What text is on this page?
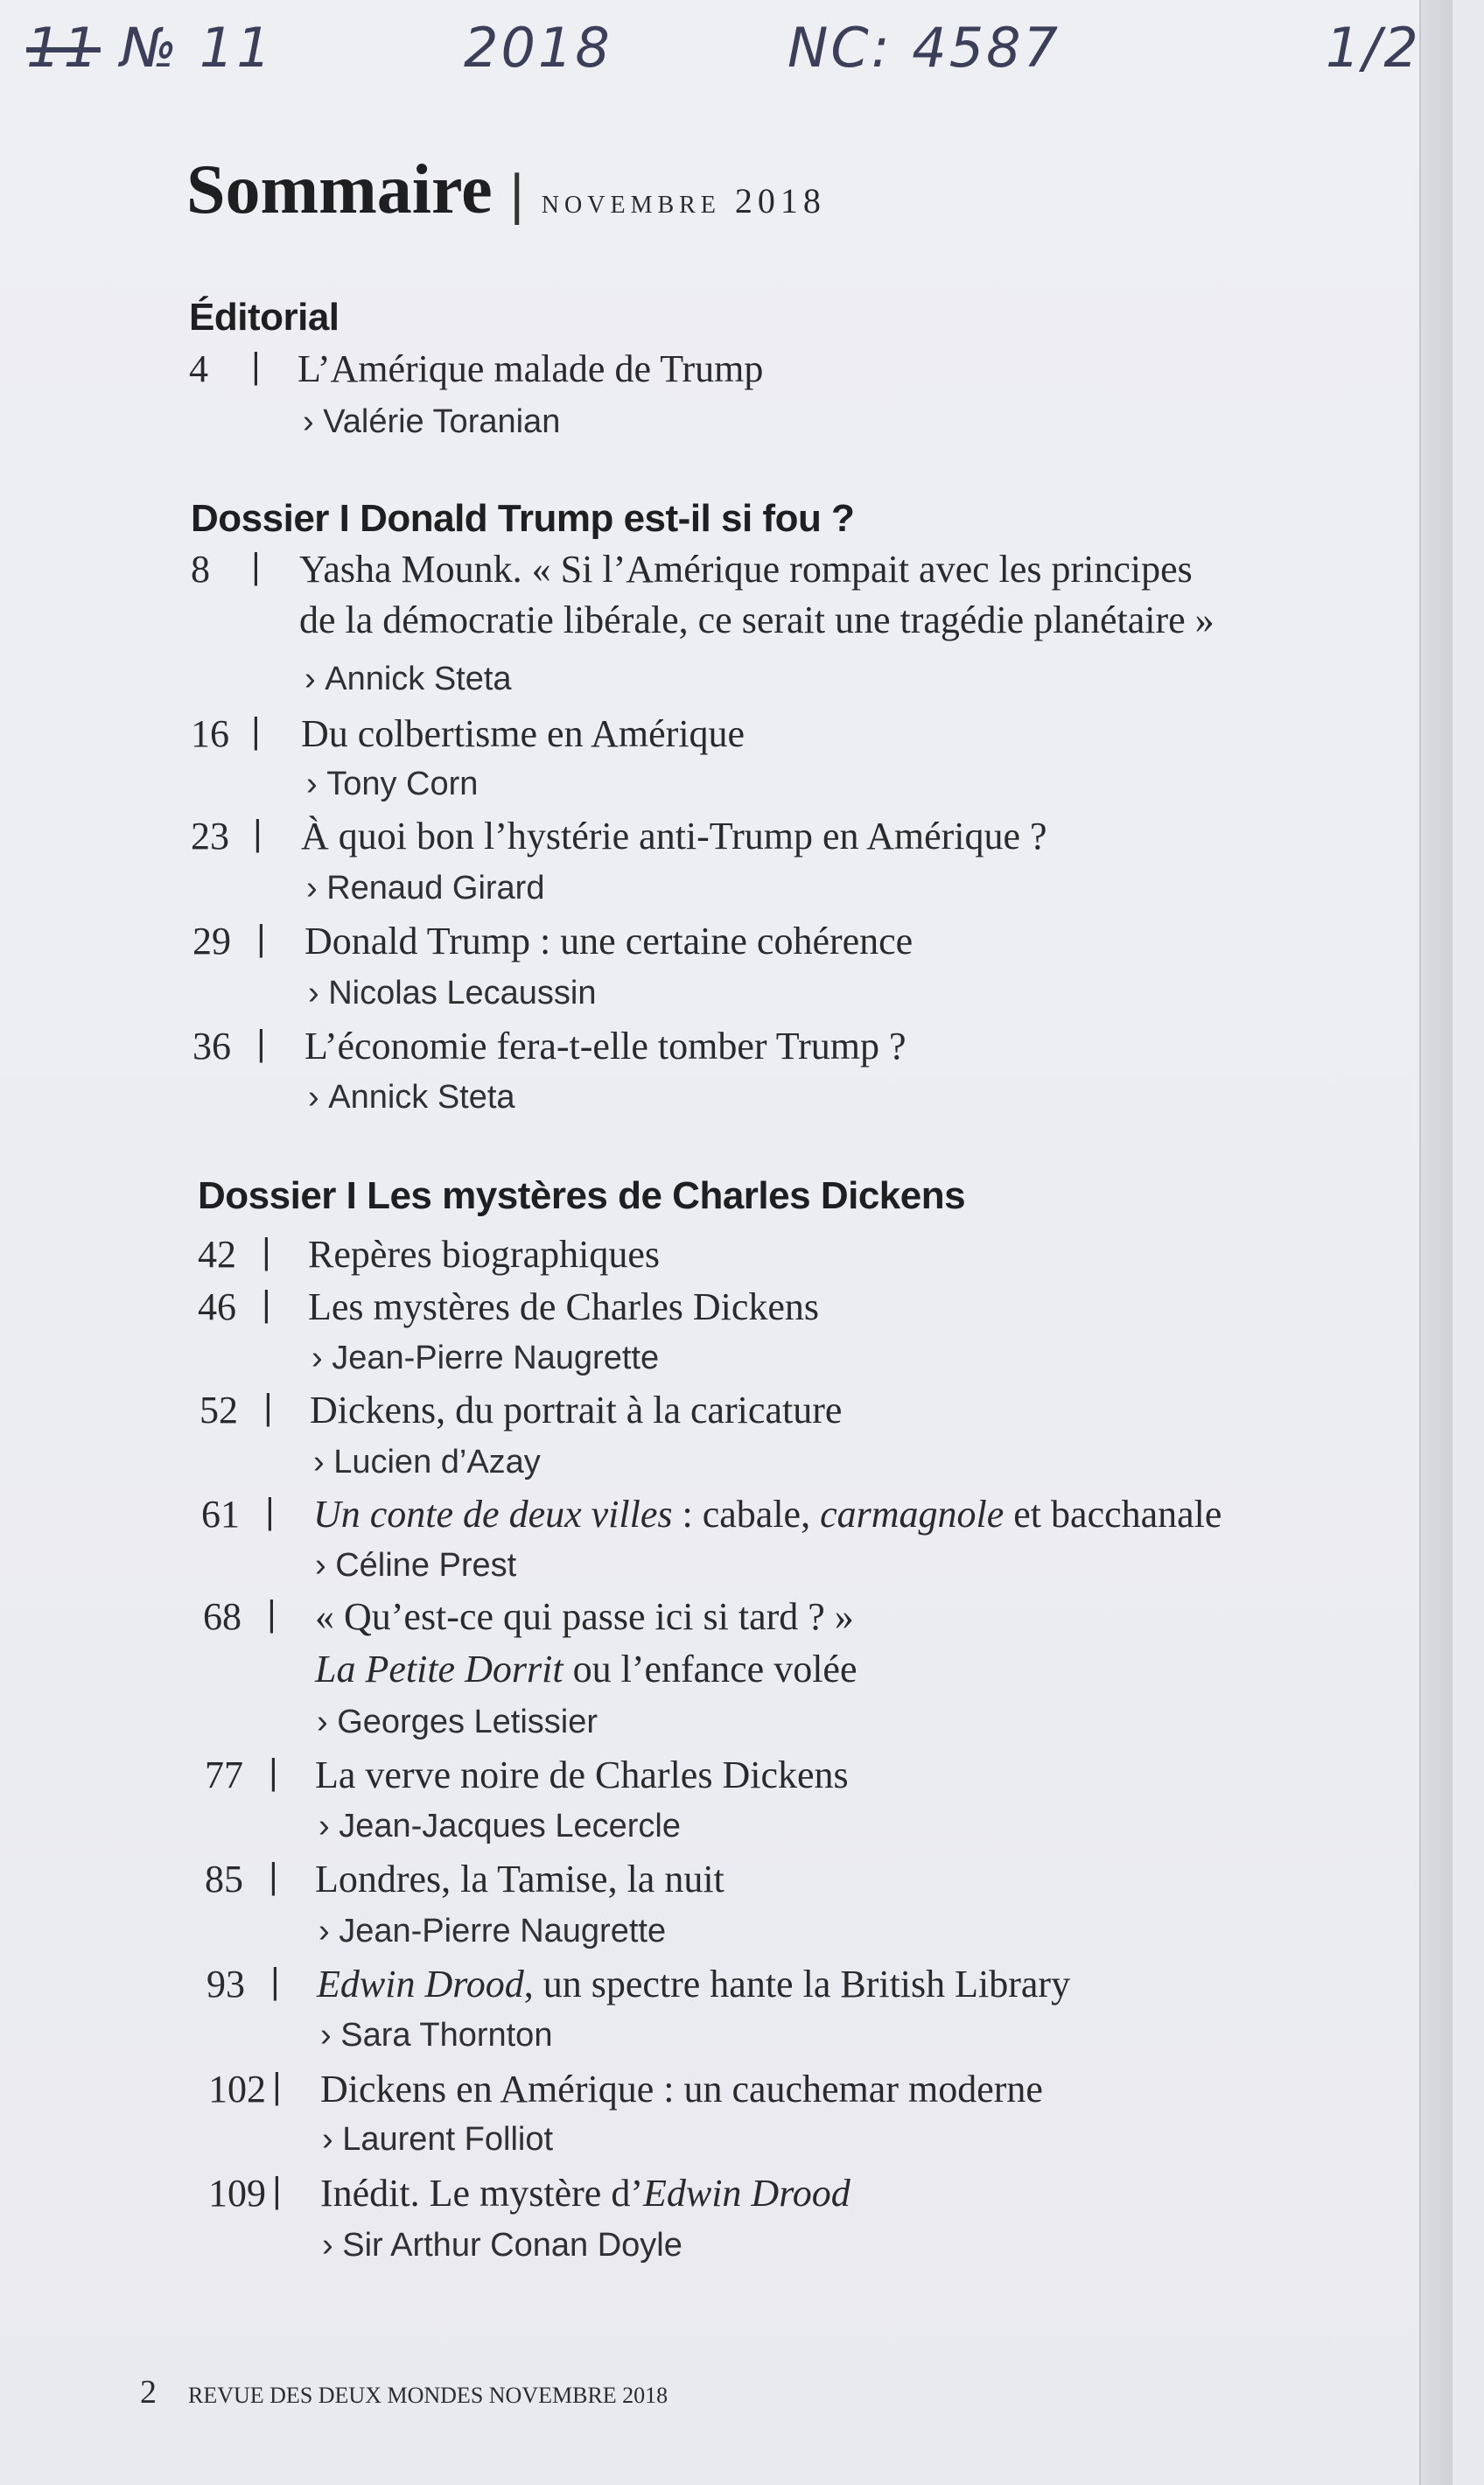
11 № 11	2018	NC: 4587	1/2
Sommaire | novembre 2018
Éditorial
4 | L’Amérique malade de Trump
› Valérie Toranian
Dossier I Donald Trump est-il si fou ?
8 | Yasha Mounk. « Si l’Amérique rompait avec les principes
de la démocratie libérale, ce serait une tragédie planétaire »
› Annick Steta
16 | Du colbertisme en Amérique
› Tony Corn
23 | À quoi bon l’hystérie anti-Trump en Amérique ?
› Renaud Girard
29 | Donald Trump : une certaine cohérence
› Nicolas Lecaussin
36 | L’économie fera-t-elle tomber Trump ?
› Annick Steta
Dossier I Les mystères de Charles Dickens
42 | Repères biographiques
46 | Les mystères de Charles Dickens
› Jean-Pierre Naugrette
52 | Dickens, du portrait à la caricature
› Lucien d’Azay
61 | Un conte de deux villes : cabale, carmagnole et bacchanale
› Céline Prest
68 | « Qu’est-ce qui passe ici si tard ? »
La Petite Dorrit ou l’enfance volée
› Georges Letissier
77 | La verve noire de Charles Dickens
› Jean-Jacques Lecercle
85 | Londres, la Tamise, la nuit
› Jean-Pierre Naugrette
93 | Edwin Drood, un spectre hante la British Library
› Sara Thornton
102 | Dickens en Amérique : un cauchemar moderne
› Laurent Folliot
109 | Inédit. Le mystère d’Edwin Drood
› Sir Arthur Conan Doyle
2 REVUE DES DEUX MONDES NOVEMBRE 2018
